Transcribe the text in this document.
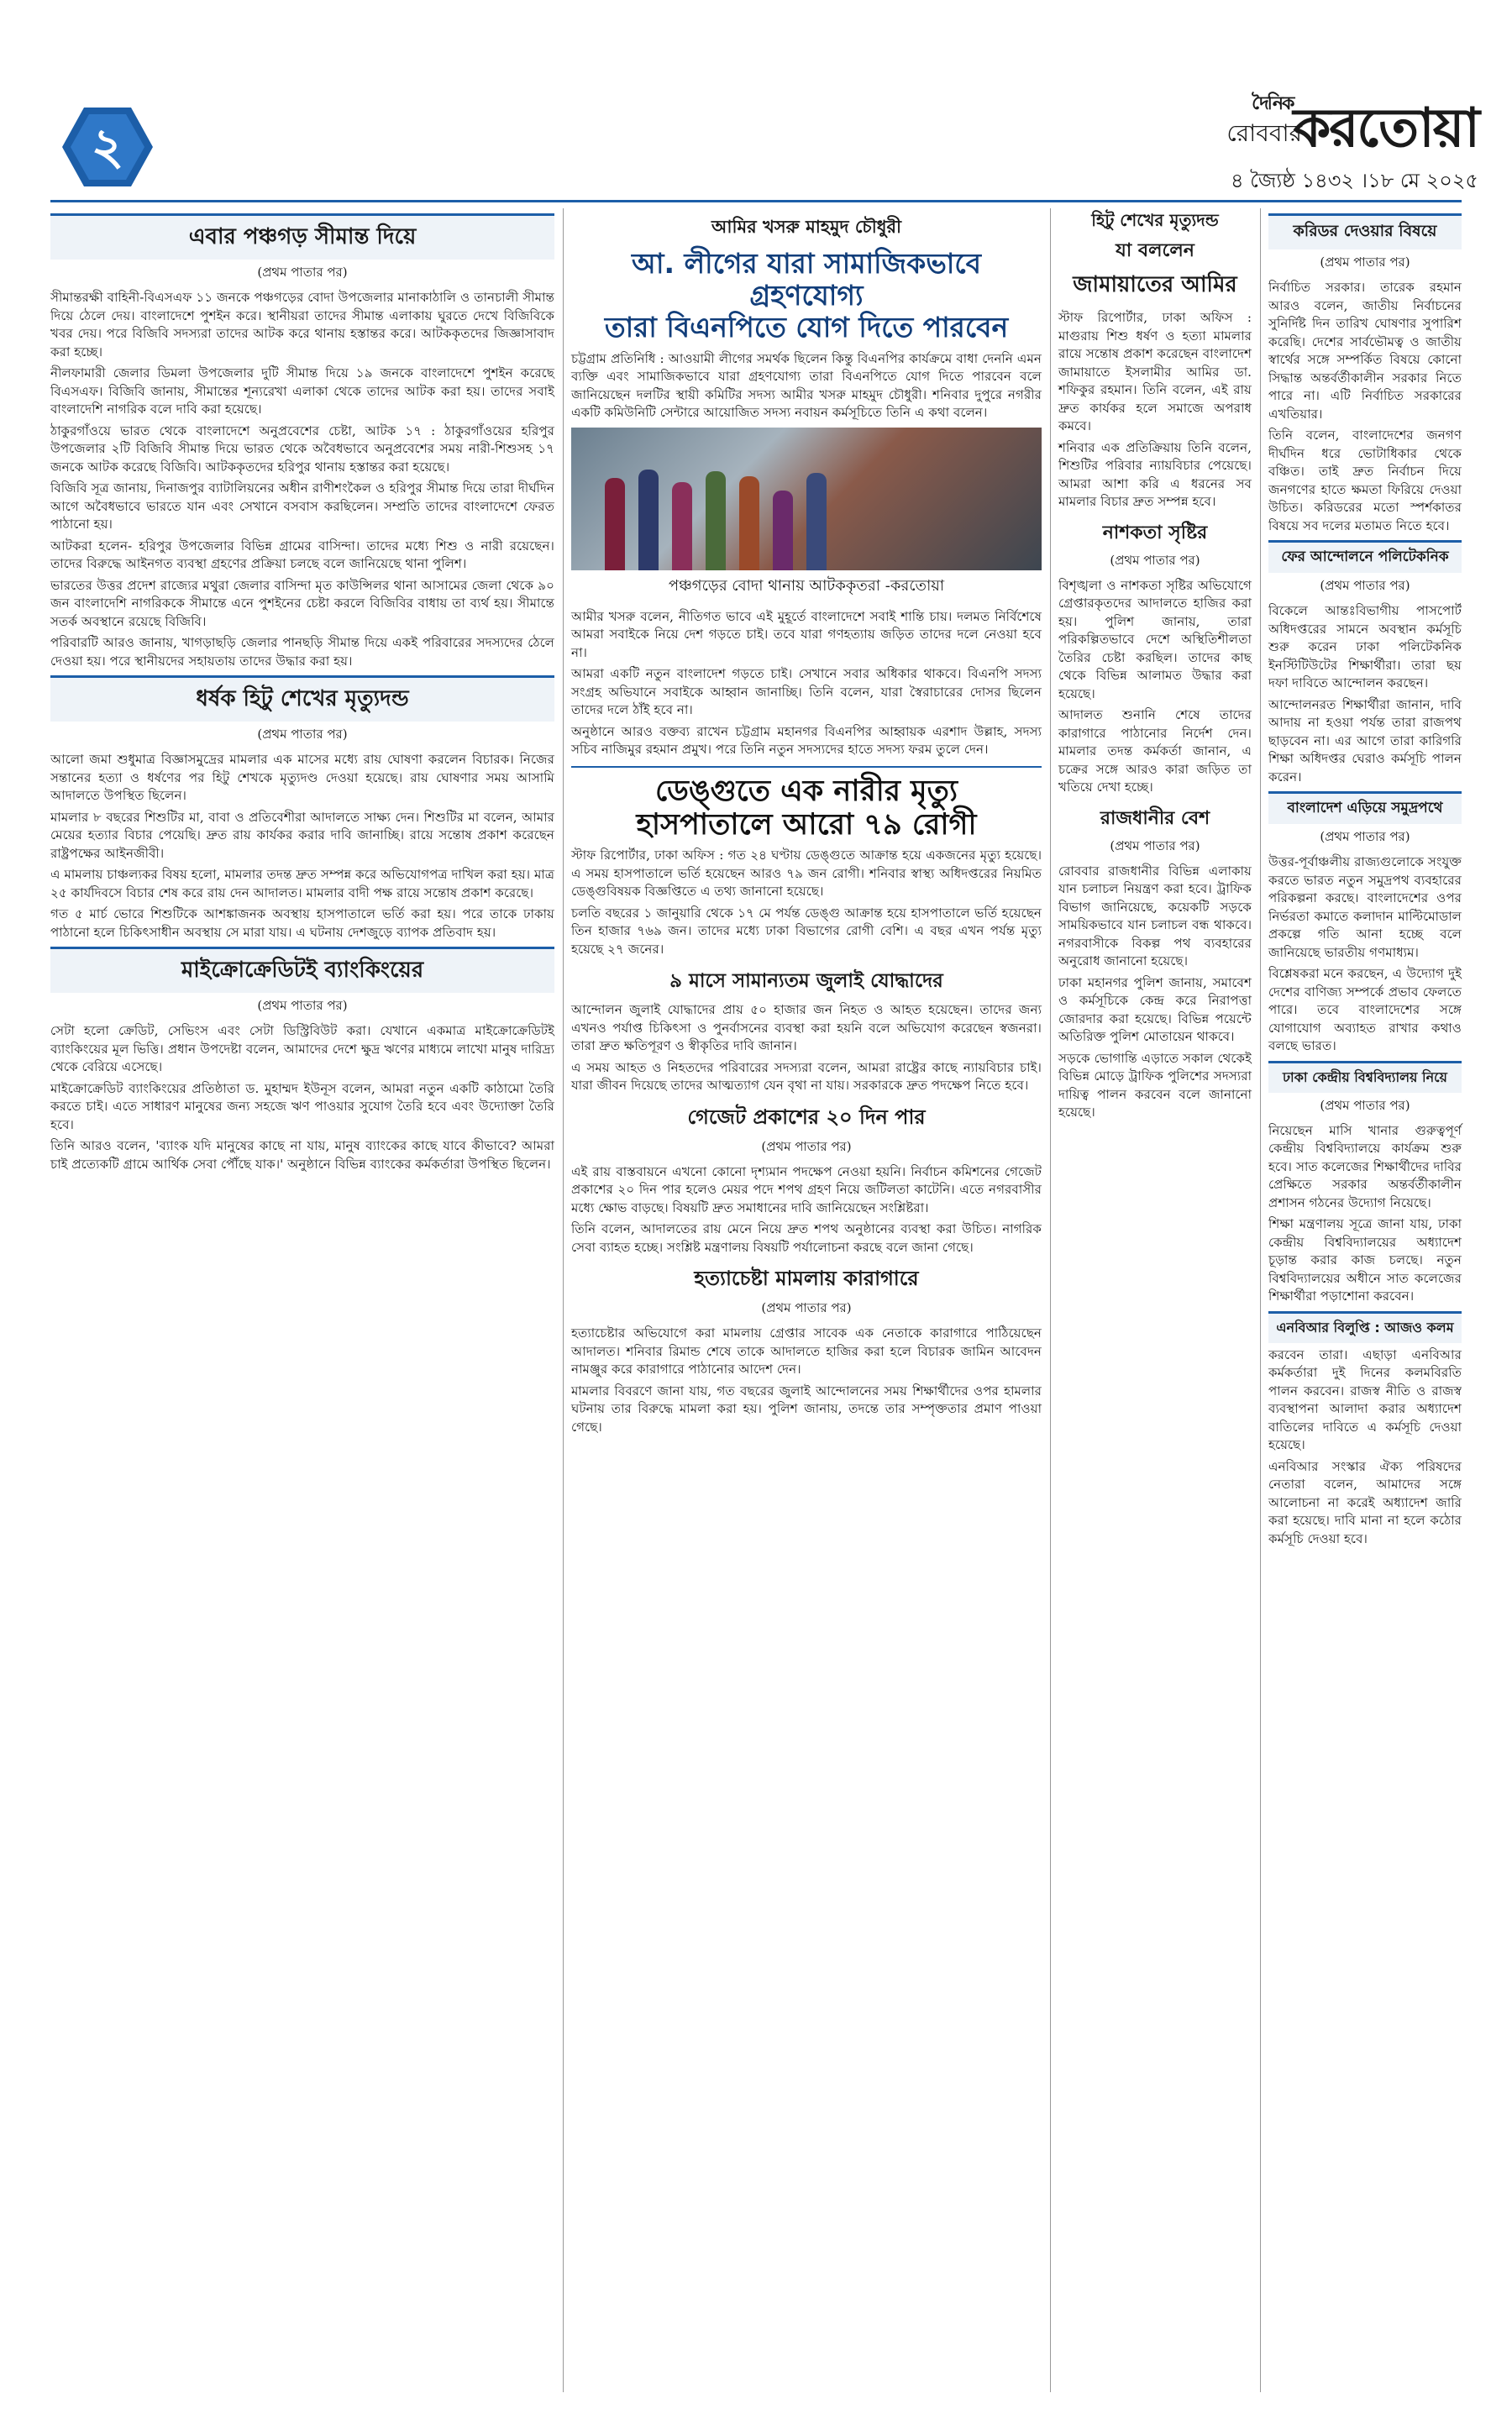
২	রোববার
দৈনিক করতোয়া
৪ জ্যৈষ্ঠ ১৪৩২ ।১৮ মে ২০২৫
এবার পঞ্চগড় সীমান্ত দিয়ে
(প্রথম পাতার পর)

সীমান্তরক্ষী বাহিনী-বিএসএফ ১১ জনকে পঞ্চগড়ের বোদা উপজেলার মানাকাঠালি ও তানচালী সীমান্ত দিয়ে ঠেলে দেয়। বাংলাদেশে পুশইন করে। স্থানীয়রা তাদের সীমান্ত এলাকায় ঘুরতে দেখে বিজিবিকে খবর দেয়। পরে বিজিবি সদস্যরা তাদের আটক করে থানায় হস্তান্তর করে। আটককৃতদের জিজ্ঞাসাবাদ করা হচ্ছে।

নীলফামারী জেলার ডিমলা উপজেলার দুটি সীমান্ত দিয়ে ১৯ জনকে বাংলাদেশে পুশইন করেছে বিএসএফ। বিজিবি জানায়, সীমান্তের শূন্যরেখা এলাকা থেকে তাদের আটক করা হয়। তাদের সবাই বাংলাদেশি নাগরিক বলে দাবি করা হয়েছে।

ঠাকুরগাঁওয়ে ভারত থেকে বাংলাদেশে অনুপ্রবেশের চেষ্টা, আটক ১৭ : ঠাকুরগাঁওয়ের হরিপুর উপজেলার ২টি বিজিবি সীমান্ত দিয়ে ভারত থেকে অবৈধভাবে অনুপ্রবেশের সময় নারী-শিশুসহ ১৭ জনকে আটক করেছে বিজিবি। আটককৃতদের হরিপুর থানায় হস্তান্তর করা হয়েছে।

বিজিবি সূত্র জানায়, দিনাজপুর ব্যাটালিয়নের অধীন রাণীশংকৈল ও হরিপুর সীমান্ত দিয়ে তারা দীর্ঘদিন আগে অবৈধভাবে ভারতে যান এবং সেখানে বসবাস করছিলেন। সম্প্রতি তাদের বাংলাদেশে ফেরত পাঠানো হয়।

আটকরা হলেন- হরিপুর উপজেলার বিভিন্ন গ্রামের বাসিন্দা। তাদের মধ্যে শিশু ও নারী রয়েছেন। তাদের বিরুদ্ধে আইনগত ব্যবস্থা গ্রহণের প্রক্রিয়া চলছে বলে জানিয়েছে থানা পুলিশ।

ভারতের উত্তর প্রদেশ রাজ্যের মথুরা জেলার বাসিন্দা মৃত কাউন্সিলর থানা আসামের জেলা থেকে ৯০ জন বাংলাদেশি নাগরিককে সীমান্তে এনে পুশইনের চেষ্টা করলে বিজিবির বাধায় তা ব্যর্থ হয়। সীমান্তে সতর্ক অবস্থানে রয়েছে বিজিবি।

পরিবারটি আরও জানায়, খাগড়াছড়ি জেলার পানছড়ি সীমান্ত দিয়ে একই পরিবারের সদস্যদের ঠেলে দেওয়া হয়। পরে স্থানীয়দের সহায়তায় তাদের উদ্ধার করা হয়।

ধর্ষক হিটু শেখের মৃত্যুদন্ড
(প্রথম পাতার পর)

আলো জমা শুধুমাত্র বিজ্ঞাসমুদ্রের মামলার এক মাসের মধ্যে রায় ঘোষণা করলেন বিচারক। নিজের সন্তানের হত্যা ও ধর্ষণের পর হিটু শেখকে মৃত্যুদণ্ড দেওয়া হয়েছে। রায় ঘোষণার সময় আসামি আদালতে উপস্থিত ছিলেন।

মামলার ৮ বছরের শিশুটির মা, বাবা ও প্রতিবেশীরা আদালতে সাক্ষ্য দেন। শিশুটির মা বলেন, আমার মেয়ের হত্যার বিচার পেয়েছি। দ্রুত রায় কার্যকর করার দাবি জানাচ্ছি। রায়ে সন্তোষ প্রকাশ করেছেন রাষ্ট্রপক্ষের আইনজীবী।

এ মামলায় চাঞ্চল্যকর বিষয় হলো, মামলার তদন্ত দ্রুত সম্পন্ন করে অভিযোগপত্র দাখিল করা হয়। মাত্র ২৫ কার্যদিবসে বিচার শেষ করে রায় দেন আদালত। মামলার বাদী পক্ষ রায়ে সন্তোষ প্রকাশ করেছে।

গত ৫ মার্চ ভোরে শিশুটিকে আশঙ্কাজনক অবস্থায় হাসপাতালে ভর্তি করা হয়। পরে তাকে ঢাকায় পাঠানো হলে চিকিৎসাধীন অবস্থায় সে মারা যায়। এ ঘটনায় দেশজুড়ে ব্যাপক প্রতিবাদ হয়।

মাইক্রোক্রেডিটই ব্যাংকিংয়ের
(প্রথম পাতার পর)

সেটা হলো ক্রেডিট, সেভিংস এবং সেটা ডিস্ট্রিবিউট করা। যেখানে একমাত্র মাইক্রোক্রেডিটই ব্যাংকিংয়ের মূল ভিত্তি। প্রধান উপদেষ্টা বলেন, আমাদের দেশে ক্ষুদ্র ঋণের মাধ্যমে লাখো মানুষ দারিদ্র্য থেকে বেরিয়ে এসেছে।

মাইক্রোক্রেডিট ব্যাংকিংয়ের প্রতিষ্ঠাতা ড. মুহাম্মদ ইউনূস বলেন, আমরা নতুন একটি কাঠামো তৈরি করতে চাই। এতে সাধারণ মানুষের জন্য সহজে ঋণ পাওয়ার সুযোগ তৈরি হবে এবং উদ্যোক্তা তৈরি হবে।

তিনি আরও বলেন, 'ব্যাংক যদি মানুষের কাছে না যায়, মানুষ ব্যাংকের কাছে যাবে কীভাবে? আমরা চাই প্রত্যেকটি গ্রামে আর্থিক সেবা পৌঁছে যাক।' অনুষ্ঠানে বিভিন্ন ব্যাংকের কর্মকর্তারা উপস্থিত ছিলেন।

আমির খসরু মাহমুদ চৌধুরী
আ. লীগের যারা সামাজিকভাবে গ্রহণযোগ্য
তারা বিএনপিতে যোগ দিতে পারবেন

চট্টগ্রাম প্রতিনিধি : আওয়ামী লীগের সমর্থক ছিলেন কিন্তু বিএনপির কার্যক্রমে বাধা দেননি এমন ব্যক্তি এবং সামাজিকভাবে যারা গ্রহণযোগ্য তারা বিএনপিতে যোগ দিতে পারবেন বলে জানিয়েছেন দলটির স্থায়ী কমিটির সদস্য আমীর খসরু মাহমুদ চৌধুরী। শনিবার দুপুরে নগরীর একটি কমিউনিটি সেন্টারে আয়োজিত সদস্য নবায়ন কর্মসূচিতে তিনি এ কথা বলেন।

পঞ্চগড়ের বোদা থানায় আটককৃতরা -করতোয়া

আমীর খসরু বলেন, নীতিগত ভাবে এই মুহূর্তে বাংলাদেশে সবাই শান্তি চায়। দলমত নির্বিশেষে আমরা সবাইকে নিয়ে দেশ গড়তে চাই। তবে যারা গণহত্যায় জড়িত তাদের দলে নেওয়া হবে না।

আমরা একটি নতুন বাংলাদেশ গড়তে চাই। সেখানে সবার অধিকার থাকবে। বিএনপি সদস্য সংগ্রহ অভিযানে সবাইকে আহ্বান জানাচ্ছি। তিনি বলেন, যারা স্বৈরাচারের দোসর ছিলেন তাদের দলে ঠাঁই হবে না।

অনুষ্ঠানে আরও বক্তব্য রাখেন চট্টগ্রাম মহানগর বিএনপির আহ্বায়ক এরশাদ উল্লাহ, সদস্য সচিব নাজিমুর রহমান প্রমুখ। পরে তিনি নতুন সদস্যদের হাতে সদস্য ফরম তুলে দেন।

ডেঙ্গুতে এক নারীর মৃত্যু
হাসপাতালে আরো ৭৯ রোগী

স্টাফ রিপোর্টার, ঢাকা অফিস : গত ২৪ ঘণ্টায় ডেঙ্গুতে আক্রান্ত হয়ে একজনের মৃত্যু হয়েছে। এ সময় হাসপাতালে ভর্তি হয়েছেন আরও ৭৯ জন রোগী। শনিবার স্বাস্থ্য অধিদপ্তরের নিয়মিত ডেঙ্গুবিষয়ক বিজ্ঞপ্তিতে এ তথ্য জানানো হয়েছে।

চলতি বছরের ১ জানুয়ারি থেকে ১৭ মে পর্যন্ত ডেঙ্গু আক্রান্ত হয়ে হাসপাতালে ভর্তি হয়েছেন তিন হাজার ৭৬৯ জন। তাদের মধ্যে ঢাকা বিভাগের রোগী বেশি। এ বছর এখন পর্যন্ত মৃত্যু হয়েছে ২৭ জনের।

৯ মাসে সামান্যতম জুলাই যোদ্ধাদের

আন্দোলন জুলাই যোদ্ধাদের প্রায় ৫০ হাজার জন নিহত ও আহত হয়েছেন। তাদের জন্য এখনও পর্যাপ্ত চিকিৎসা ও পুনর্বাসনের ব্যবস্থা করা হয়নি বলে অভিযোগ করেছেন স্বজনরা। তারা দ্রুত ক্ষতিপূরণ ও স্বীকৃতির দাবি জানান।

এ সময় আহত ও নিহতদের পরিবারের সদস্যরা বলেন, আমরা রাষ্ট্রের কাছে ন্যায়বিচার চাই। যারা জীবন দিয়েছে তাদের আত্মত্যাগ যেন বৃথা না যায়। সরকারকে দ্রুত পদক্ষেপ নিতে হবে।

গেজেট প্রকাশের ২০ দিন পার
(প্রথম পাতার পর)

এই রায় বাস্তবায়নে এখনো কোনো দৃশ্যমান পদক্ষেপ নেওয়া হয়নি। নির্বাচন কমিশনের গেজেট প্রকাশের ২০ দিন পার হলেও মেয়র পদে শপথ গ্রহণ নিয়ে জটিলতা কাটেনি। এতে নগরবাসীর মধ্যে ক্ষোভ বাড়ছে। বিষয়টি দ্রুত সমাধানের দাবি জানিয়েছেন সংশ্লিষ্টরা।

তিনি বলেন, আদালতের রায় মেনে নিয়ে দ্রুত শপথ অনুষ্ঠানের ব্যবস্থা করা উচিত। নাগরিক সেবা ব্যাহত হচ্ছে। সংশ্লিষ্ট মন্ত্রণালয় বিষয়টি পর্যালোচনা করছে বলে জানা গেছে।

হত্যাচেষ্টা মামলায় কারাগারে
(প্রথম পাতার পর)

হত্যাচেষ্টার অভিযোগে করা মামলায় গ্রেপ্তার সাবেক এক নেতাকে কারাগারে পাঠিয়েছেন আদালত। শনিবার রিমান্ড শেষে তাকে আদালতে হাজির করা হলে বিচারক জামিন আবেদন নামঞ্জুর করে কারাগারে পাঠানোর আদেশ দেন।

মামলার বিবরণে জানা যায়, গত বছরের জুলাই আন্দোলনের সময় শিক্ষার্থীদের ওপর হামলার ঘটনায় তার বিরুদ্ধে মামলা করা হয়। পুলিশ জানায়, তদন্তে তার সম্পৃক্ততার প্রমাণ পাওয়া গেছে।

হিটু শেখের মৃত্যুদন্ড
যা বললেন
জামায়াতের আমির

স্টাফ রিপোর্টার, ঢাকা অফিস : মাগুরায় শিশু ধর্ষণ ও হত্যা মামলার রায়ে সন্তোষ প্রকাশ করেছেন বাংলাদেশ জামায়াতে ইসলামীর আমির ডা. শফিকুর রহমান। তিনি বলেন, এই রায় দ্রুত কার্যকর হলে সমাজে অপরাধ কমবে।

শনিবার এক প্রতিক্রিয়ায় তিনি বলেন, শিশুটির পরিবার ন্যায়বিচার পেয়েছে। আমরা আশা করি এ ধরনের সব মামলার বিচার দ্রুত সম্পন্ন হবে।

নাশকতা সৃষ্টির
(প্রথম পাতার পর)

বিশৃঙ্খলা ও নাশকতা সৃষ্টির অভিযোগে গ্রেপ্তারকৃতদের আদালতে হাজির করা হয়। পুলিশ জানায়, তারা পরিকল্পিতভাবে দেশে অস্থিতিশীলতা তৈরির চেষ্টা করছিল। তাদের কাছ থেকে বিভিন্ন আলামত উদ্ধার করা হয়েছে।

আদালত শুনানি শেষে তাদের কারাগারে পাঠানোর নির্দেশ দেন। মামলার তদন্ত কর্মকর্তা জানান, এ চক্রের সঙ্গে আরও কারা জড়িত তা খতিয়ে দেখা হচ্ছে।

রাজধানীর বেশ
(প্রথম পাতার পর)

রোববার রাজধানীর বিভিন্ন এলাকায় যান চলাচল নিয়ন্ত্রণ করা হবে। ট্রাফিক বিভাগ জানিয়েছে, কয়েকটি সড়কে সাময়িকভাবে যান চলাচল বন্ধ থাকবে। নগরবাসীকে বিকল্প পথ ব্যবহারের অনুরোধ জানানো হয়েছে।

ঢাকা মহানগর পুলিশ জানায়, সমাবেশ ও কর্মসূচিকে কেন্দ্র করে নিরাপত্তা জোরদার করা হয়েছে। বিভিন্ন পয়েন্টে অতিরিক্ত পুলিশ মোতায়েন থাকবে।

সড়কে ভোগান্তি এড়াতে সকাল থেকেই বিভিন্ন মোড়ে ট্রাফিক পুলিশের সদস্যরা দায়িত্ব পালন করবেন বলে জানানো হয়েছে।

করিডর দেওয়ার বিষয়ে
(প্রথম পাতার পর)

নির্বাচিত সরকার। তারেক রহমান আরও বলেন, জাতীয় নির্বাচনের সুনির্দিষ্ট দিন তারিখ ঘোষণার সুপারিশ করেছি। দেশের সার্বভৌমত্ব ও জাতীয় স্বার্থের সঙ্গে সম্পর্কিত বিষয়ে কোনো সিদ্ধান্ত অন্তর্বর্তীকালীন সরকার নিতে পারে না। এটি নির্বাচিত সরকারের এখতিয়ার।

তিনি বলেন, বাংলাদেশের জনগণ দীর্ঘদিন ধরে ভোটাধিকার থেকে বঞ্চিত। তাই দ্রুত নির্বাচন দিয়ে জনগণের হাতে ক্ষমতা ফিরিয়ে দেওয়া উচিত। করিডরের মতো স্পর্শকাতর বিষয়ে সব দলের মতামত নিতে হবে।

ফের আন্দোলনে পলিটেকনিক
(প্রথম পাতার পর)

বিকেলে আন্তঃবিভাগীয় পাসপোর্ট অধিদপ্তরের সামনে অবস্থান কর্মসূচি শুরু করেন ঢাকা পলিটেকনিক ইনস্টিটিউটের শিক্ষার্থীরা। তারা ছয় দফা দাবিতে আন্দোলন করছেন।

আন্দোলনরত শিক্ষার্থীরা জানান, দাবি আদায় না হওয়া পর্যন্ত তারা রাজপথ ছাড়বেন না। এর আগে তারা কারিগরি শিক্ষা অধিদপ্তর ঘেরাও কর্মসূচি পালন করেন।

বাংলাদেশ এড়িয়ে সমুদ্রপথে
(প্রথম পাতার পর)

উত্তর-পূর্বাঞ্চলীয় রাজ্যগুলোকে সংযুক্ত করতে ভারত নতুন সমুদ্রপথ ব্যবহারের পরিকল্পনা করছে। বাংলাদেশের ওপর নির্ভরতা কমাতে কলাদান মাল্টিমোডাল প্রকল্পে গতি আনা হচ্ছে বলে জানিয়েছে ভারতীয় গণমাধ্যম।

বিশ্লেষকরা মনে করছেন, এ উদ্যোগ দুই দেশের বাণিজ্য সম্পর্কে প্রভাব ফেলতে পারে। তবে বাংলাদেশের সঙ্গে যোগাযোগ অব্যাহত রাখার কথাও বলছে ভারত।

ঢাকা কেন্দ্রীয় বিশ্ববিদ্যালয় নিয়ে
(প্রথম পাতার পর)

নিয়েছেন মাসি খানার গুরুত্বপূর্ণ কেন্দ্রীয় বিশ্ববিদ্যালয়ে কার্যক্রম শুরু হবে। সাত কলেজের শিক্ষার্থীদের দাবির প্রেক্ষিতে সরকার অন্তর্বর্তীকালীন প্রশাসন গঠনের উদ্যোগ নিয়েছে।

শিক্ষা মন্ত্রণালয় সূত্রে জানা যায়, ঢাকা কেন্দ্রীয় বিশ্ববিদ্যালয়ের অধ্যাদেশ চূড়ান্ত করার কাজ চলছে। নতুন বিশ্ববিদ্যালয়ের অধীনে সাত কলেজের শিক্ষার্থীরা পড়াশোনা করবেন।

এনবিআর বিলুপ্তি : আজও কলম

করবেন তারা। এছাড়া এনবিআর কর্মকর্তারা দুই দিনের কলমবিরতি পালন করবেন। রাজস্ব নীতি ও রাজস্ব ব্যবস্থাপনা আলাদা করার অধ্যাদেশ বাতিলের দাবিতে এ কর্মসূচি দেওয়া হয়েছে।

এনবিআর সংস্কার ঐক্য পরিষদের নেতারা বলেন, আমাদের সঙ্গে আলোচনা না করেই অধ্যাদেশ জারি করা হয়েছে। দাবি মানা না হলে কঠোর কর্মসূচি দেওয়া হবে।
